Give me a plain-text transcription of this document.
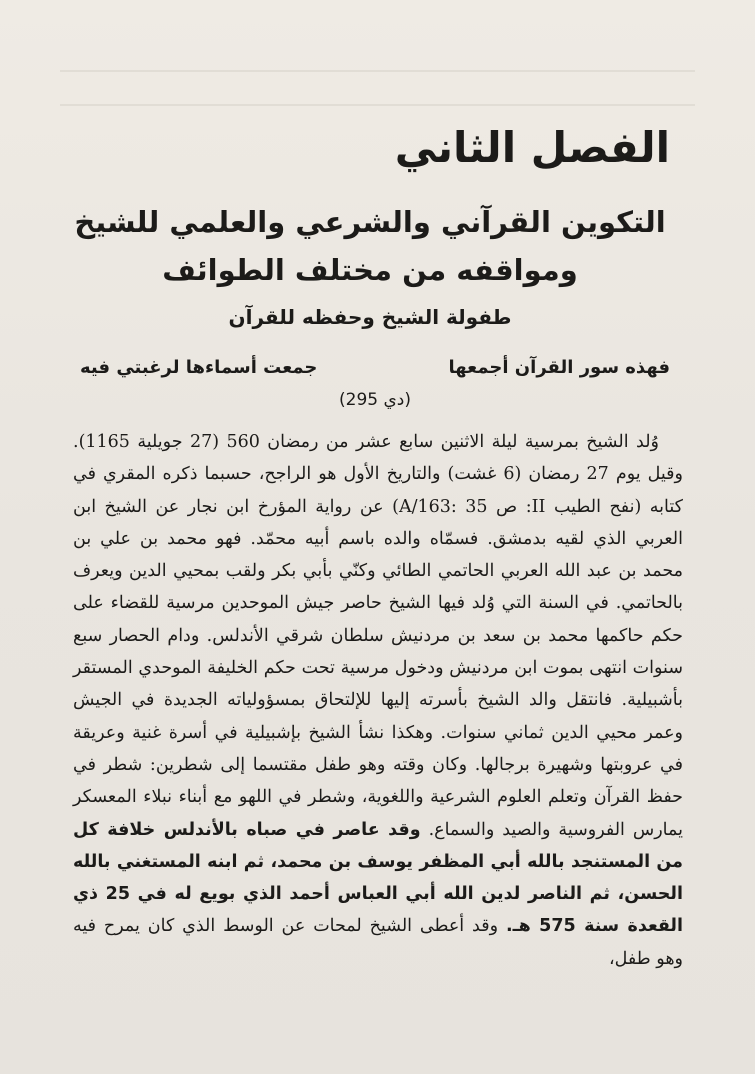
الفصل الثاني
التكوين القرآني والشرعي والعلمي للشيخ
ومواقفه من مختلف الطوائف
طفولة الشيخ وحفظه للقرآن
فهذه سور القرآن أجمعها
جمعت أسماءها لرغبتي فيه
(دي 295)

وُلد الشيخ بمرسية ليلة الاثنين سابع عشر من رمضان 560 (27 جويلية 1165). وقيل يوم 27 رمضان (6 غشت) والتاريخ الأول هو الراجح، حسبما ذكره المقري في كتابه (نفح الطيب II: ص A/163: 35) عن رواية المؤرخ ابن نجار عن الشيخ ابن العربي الذي لقيه بدمشق. فسمّاه والده باسم أبيه محمّد. فهو محمد بن علي بن محمد بن عبد الله العربي الحاتمي الطائي وكنّي بأبي بكر ولقب بمحيي الدين ويعرف بالحاتمي. في السنة التي وُلد فيها الشيخ حاصر جيش الموحدين مرسية للقضاء على حكم حاكمها محمد بن سعد بن مردنيش سلطان شرقي الأندلس. ودام الحصار سبع سنوات انتهى بموت ابن مردنيش ودخول مرسية تحت حكم الخليفة الموحدي المستقر بأشبيلية. فانتقل والد الشيخ بأسرته إليها للإلتحاق بمسؤولياته الجديدة في الجيش وعمر محيي الدين ثماني سنوات. وهكذا نشأ الشيخ بإشبيلية في أسرة غنية وعريقة في عروبتها وشهيرة برجالها. وكان وقته وهو طفل مقتسما إلى شطرين: شطر في حفظ القرآن وتعلم العلوم الشرعية واللغوية، وشطر في اللهو مع أبناء نبلاء المعسكر يمارس الفروسية والصيد والسماع. وقد عاصر في صباه بالأندلس خلافة كل من المستنجد بالله أبي المظفر يوسف بن محمد، ثم ابنه المستغني بالله الحسن، ثم الناصر لدين الله أبي العباس أحمد الذي بويع له في 25 ذي القعدة سنة 575 هـ. وقد أعطى الشيخ لمحات عن الوسط الذي كان يمرح فيه وهو طفل،
